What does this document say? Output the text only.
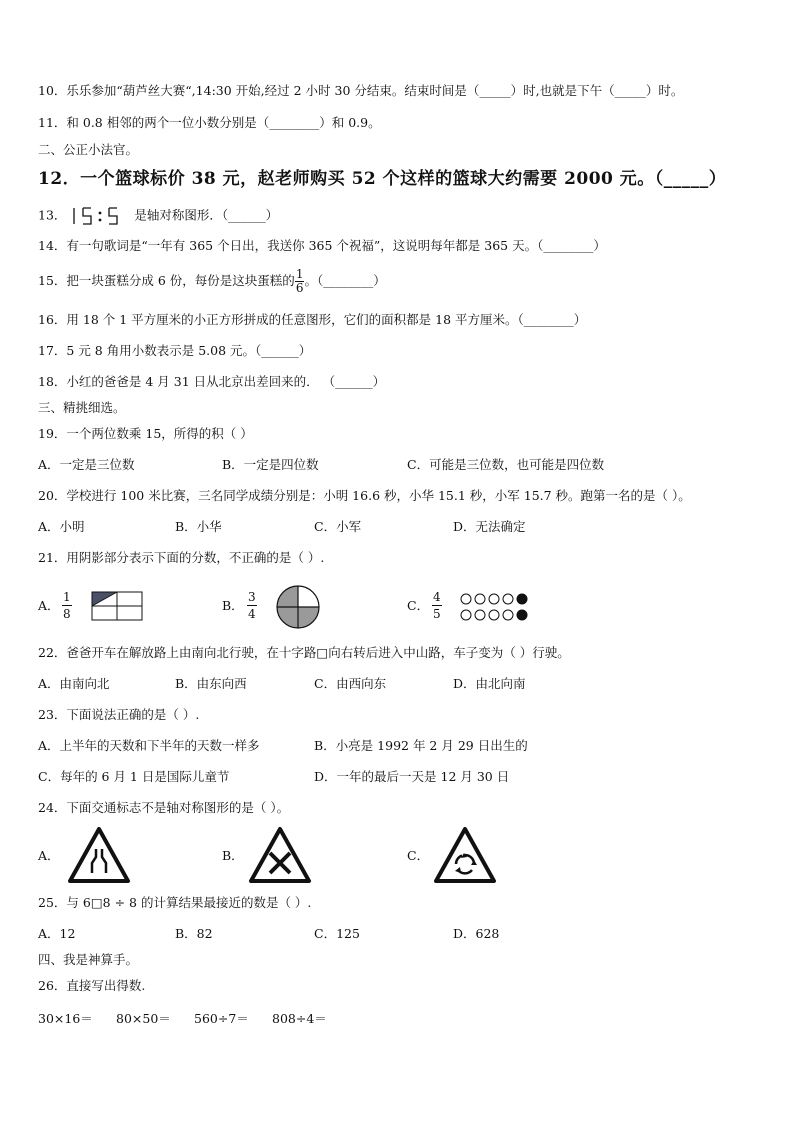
10．乐乐参加“葫芦丝大赛“,14:30 开始,经过 2 小时 30 分结束。结束时间是（_____）时,也就是下午（_____）时。
11．和 0.8 相邻的两个一位小数分别是（________）和 0.9。
二、公正小法官。
12．一个篮球标价 38 元，赵老师购买 52 个这样的篮球大约需要 2000 元。（_____）
13．	是轴对称图形．（______）
14．有一句歌词是“一年有 365 个日出，我送你 365 个祝福”，这说明每年都是 365 天。（________）
15．把一块蛋糕分成 6 份，每份是这块蛋糕的 $\frac{1}{6}$ 。（________）
16．用 18 个 1 平方厘米的小正方形拼成的任意图形，它们的面积都是 18 平方厘米。（________）
17．5 元 8 角用小数表示是 5.08 元。（______）
18．小红的爸爸是 4 月 31 日从北京出差回来的． （______）
三、精挑细选。
19．一个两位数乘 15，所得的积（ ）
A．一定是三位数	B．一定是四位数	C．可能是三位数，也可能是四位数
20．学校进行 100 米比赛，三名同学成绩分别是：小明 16.6 秒，小华 15.1 秒，小军 15.7 秒。跑第一名的是（ ）。
A．小明	B．小华	C．小军	D．无法确定
21．用阴影部分表示下面的分数，不正确的是（ ）.
A． $\frac{1}{8}$	B． $\frac{3}{4}$	C． $\frac{4}{5}$
22．爸爸开车在解放路上由南向北行驶，在十字路□向右转后进入中山路，车子变为（ ）行驶。
A．由南向北	B．由东向西	C．由西向东	D．由北向南
23．下面说法正确的是（ ）.
A．上半年的天数和下半年的天数一样多	B．小亮是 1992 年 2 月 29 日出生的
C．每年的 6 月 1 日是国际儿童节	D．一年的最后一天是 12 月 30 日
24．下面交通标志不是轴对称图形的是（ ）。
A．	B．	C．
25．与 6□8 ÷ 8 的计算结果最接近的数是（ ）.
A．12	B．82	C．125	D．628
四、我是神算手。
26．直接写出得数.
30×16＝ 80×50＝ 560÷7＝ 808÷4＝
